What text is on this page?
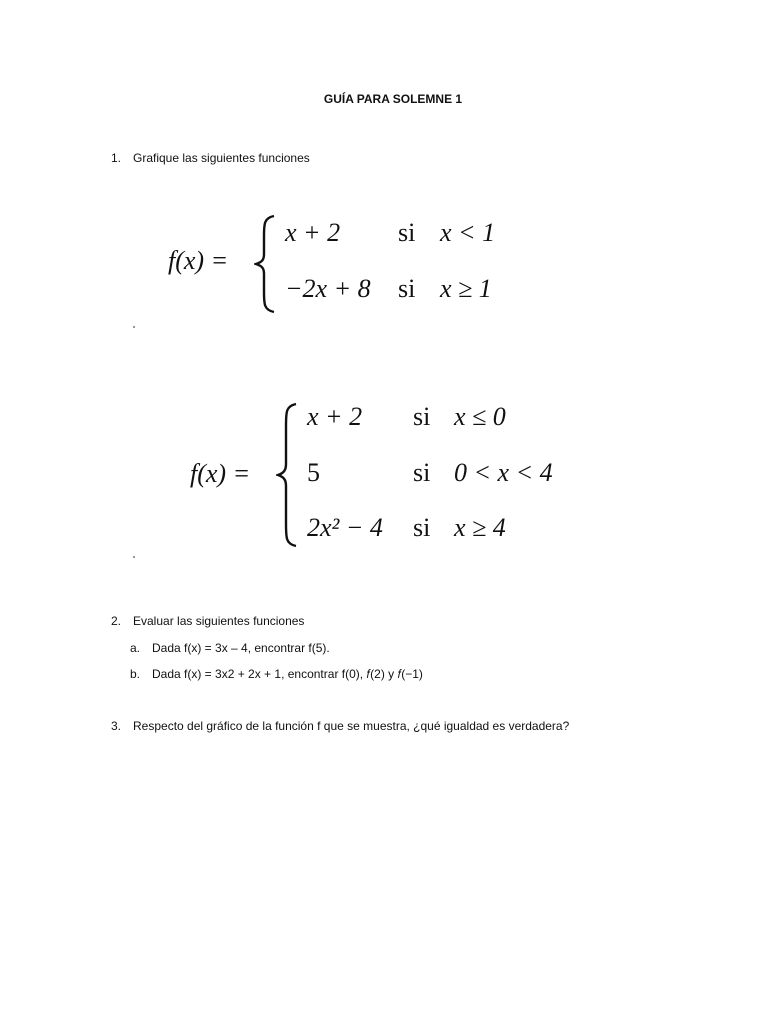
GUÍA PARA SOLEMNE 1
1. Grafique las siguientes funciones
f(x) =
x + 2 si x < 1
−2x + 8 si x ≥ 1
f(x) =
x + 2 si x ≤ 0
5	si 0 < x < 4
2x² − 4 si x ≥ 4
2. Evaluar las siguientes funciones
a. Dada f(x) = 3x – 4, encontrar f(5).
b. Dada f(x) = 3x2 + 2x + 1, encontrar f(0), 𝑓(2) y 𝑓(−1)
3. Respecto del gráfico de la función f que se muestra, ¿qué igualdad es verdadera?
